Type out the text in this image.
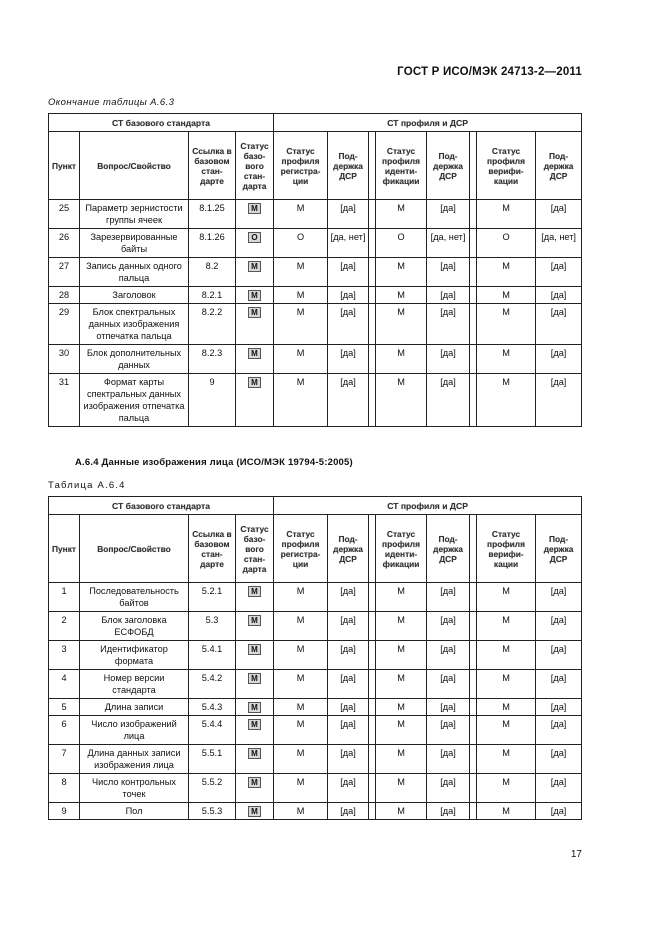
ГОСТ Р ИСО/МЭК 24713-2—2011
Окончание таблицы А.6.3
СТ базового стандарта				СТ профиля и ДСР							
Пункт	Вопрос/Свойство	Ссылка в базовом стан-дарте	Статус базо-вого стан-дарта	Статус профиля регистра-ции	Под-держка ДСР		Статус профиля иденти-фикации	Под-держка ДСР		Статус профиля верифи-кации	Под-держка ДСР
25	Параметр зернистости группы ячеек	8.1.25	М	М	[да]		М	[да]		М	[да]
26	Зарезервированные байты	8.1.26	О	О	[да, нет]		О	[да, нет]		О	[да, нет]
27	Запись данных одного пальца	8.2	М	М	[да]		М	[да]		М	[да]
28	Заголовок	8.2.1	М	М	[да]		М	[да]		М	[да]
29	Блок спектральных данных изображения отпечатка пальца	8.2.2	М	М	[да]		М	[да]		М	[да]
30	Блок дополнительных данных	8.2.3	М	М	[да]		М	[да]		М	[да]
31	Формат карты спектральных данных изображения отпечатка пальца	9	М	М	[да]		М	[да]		М	[да]
А.6.4 Данные изображения лица (ИСО/МЭК 19794-5:2005)
Таблица А.6.4
СТ базового стандарта				СТ профиля и ДСР							
Пункт	Вопрос/Свойство	Ссылка в базовом стан-дарте	Статус базо-вого стан-дарта	Статус профиля регистра-ции	Под-держка ДСР		Статус профиля иденти-фикации	Под-держка ДСР		Статус профиля верифи-кации	Под-держка ДСР
1	Последовательность байтов	5.2.1	М	М	[да]		М	[да]		М	[да]
2	Блок заголовка ЕСФОБД	5.3	М	М	[да]		М	[да]		М	[да]
3	Идентификатор формата	5.4.1	М	М	[да]		М	[да]		М	[да]
4	Номер версии стандарта	5.4.2	М	М	[да]		М	[да]		М	[да]
5	Длина записи	5.4.3	М	М	[да]		М	[да]		М	[да]
6	Число изображений лица	5.4.4	М	М	[да]		М	[да]		М	[да]
7	Длина данных записи изображения лица	5.5.1	М	М	[да]		М	[да]		М	[да]
8	Число контрольных точек	5.5.2	М	М	[да]		М	[да]		М	[да]
9	Пол	5.5.3	М	М	[да]		М	[да]		М	[да]
17
